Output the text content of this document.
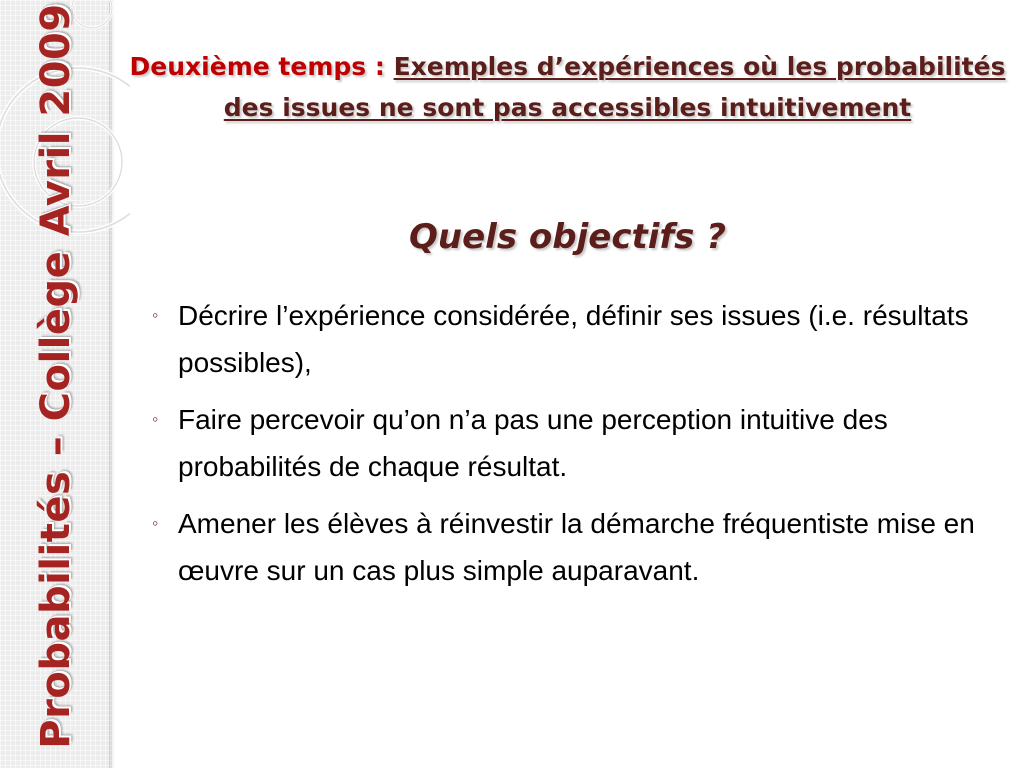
Probabilités – Collège Avril 2009 Deuxième temps : Exemples d’expériences où les probabilités des issues ne sont pas accessibles intuitivement
Quels objectifs ?
◦ Décrire l’expérience considérée, définir ses issues (i.e. résultats possibles),
◦ Faire percevoir qu’on n’a pas une perception intuitive des probabilités de chaque résultat.
◦ Amener les élèves à réinvestir la démarche fréquentiste mise en œuvre sur un cas plus simple auparavant.
